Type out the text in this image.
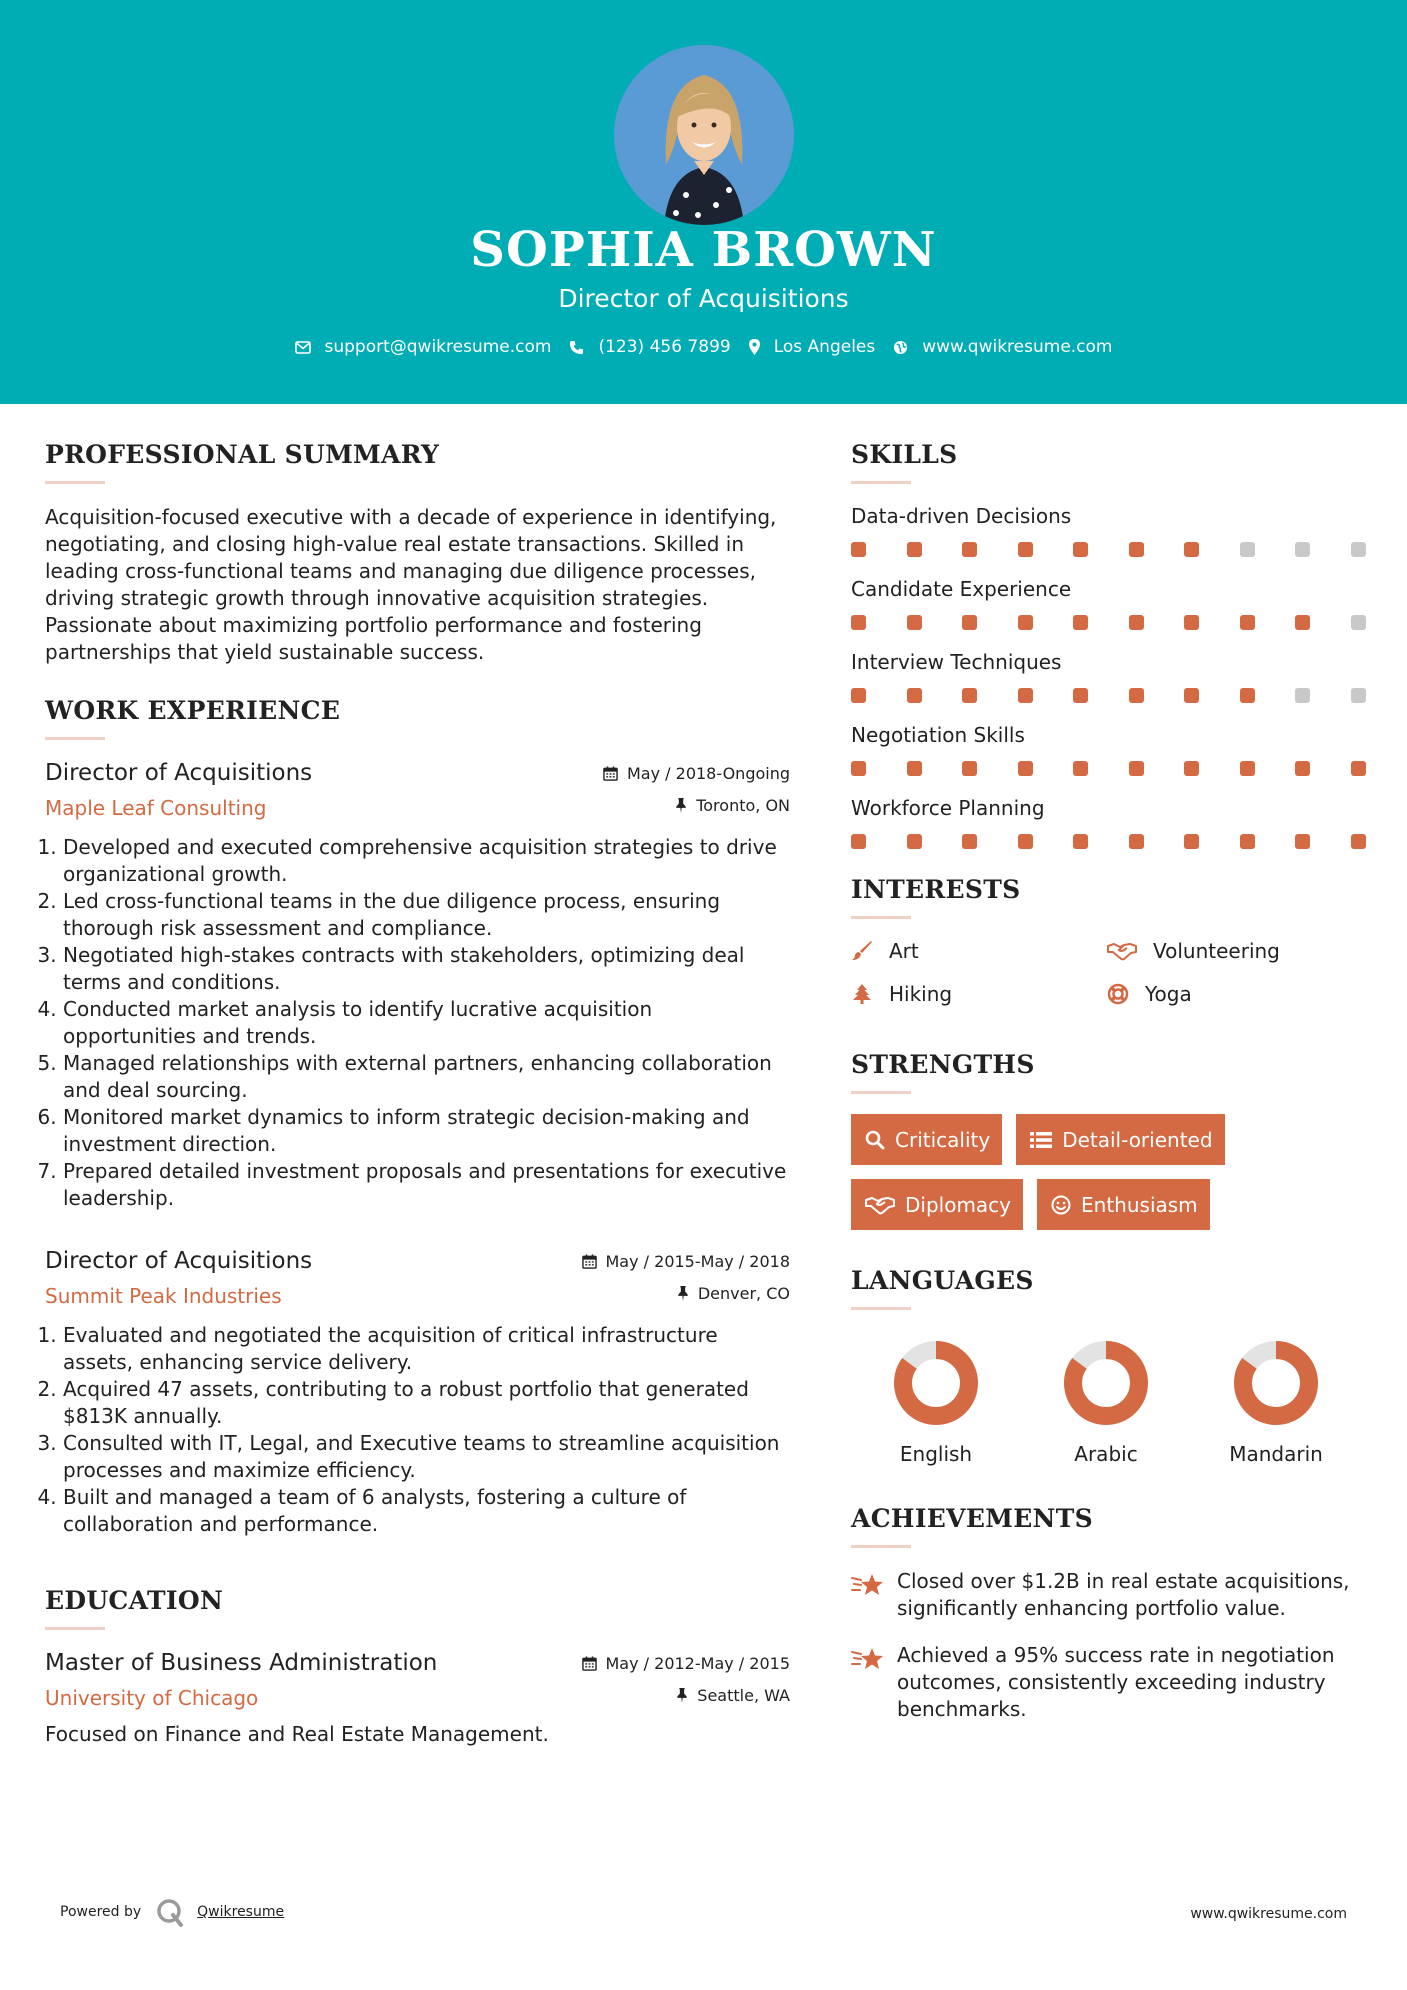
SOPHIA BROWN
Director of Acquisitions
support@qwikresume.com	(123) 456 7899	Los Angeles	www.qwikresume.com
PROFESSIONAL SUMMARY

Acquisition-focused executive with a decade of experience in identifying, negotiating, and closing high-value real estate transactions. Skilled in leading cross-functional teams and managing due diligence processes, driving strategic growth through innovative acquisition strategies. Passionate about maximizing portfolio performance and fostering partnerships that yield sustainable success.

WORK EXPERIENCE
Director of Acquisitions
Maple Leaf Consulting
May / 2018-Ongoing
Toronto, ON
1. Developed and executed comprehensive acquisition strategies to drive organizational growth.
2. Led cross-functional teams in the due diligence process, ensuring thorough risk assessment and compliance.
3. Negotiated high-stakes contracts with stakeholders, optimizing deal terms and conditions.
4. Conducted market analysis to identify lucrative acquisition opportunities and trends.
5. Managed relationships with external partners, enhancing collaboration and deal sourcing.
6. Monitored market dynamics to inform strategic decision-making and investment direction.
7. Prepared detailed investment proposals and presentations for executive leadership.
Director of Acquisitions
Summit Peak Industries
May / 2015-May / 2018
Denver, CO
1. Evaluated and negotiated the acquisition of critical infrastructure assets, enhancing service delivery.
2. Acquired 47 assets, contributing to a robust portfolio that generated $813K annually.
3. Consulted with IT, Legal, and Executive teams to streamline acquisition processes and maximize efficiency.
4. Built and managed a team of 6 analysts, fostering a culture of collaboration and performance.
EDUCATION
Master of Business Administration
University of Chicago
May / 2012-May / 2015
Seattle, WA

Focused on Finance and Real Estate Management.

SKILLS
Data-driven Decisions
Candidate Experience
Interview Techniques
Negotiation Skills
Workforce Planning
INTERESTS
Art	Volunteering
Hiking	Yoga
STRENGTHS
Criticality	Detail-oriented
Diplomacy	Enthusiasm
LANGUAGES
English	Arabic	Mandarin
ACHIEVEMENTS
Closed over $1.2B in real estate acquisitions, significantly enhancing portfolio value.
Achieved a 95% success rate in negotiation outcomes, consistently exceeding industry benchmarks.
Powered by	Qwikresume	www.qwikresume.com
